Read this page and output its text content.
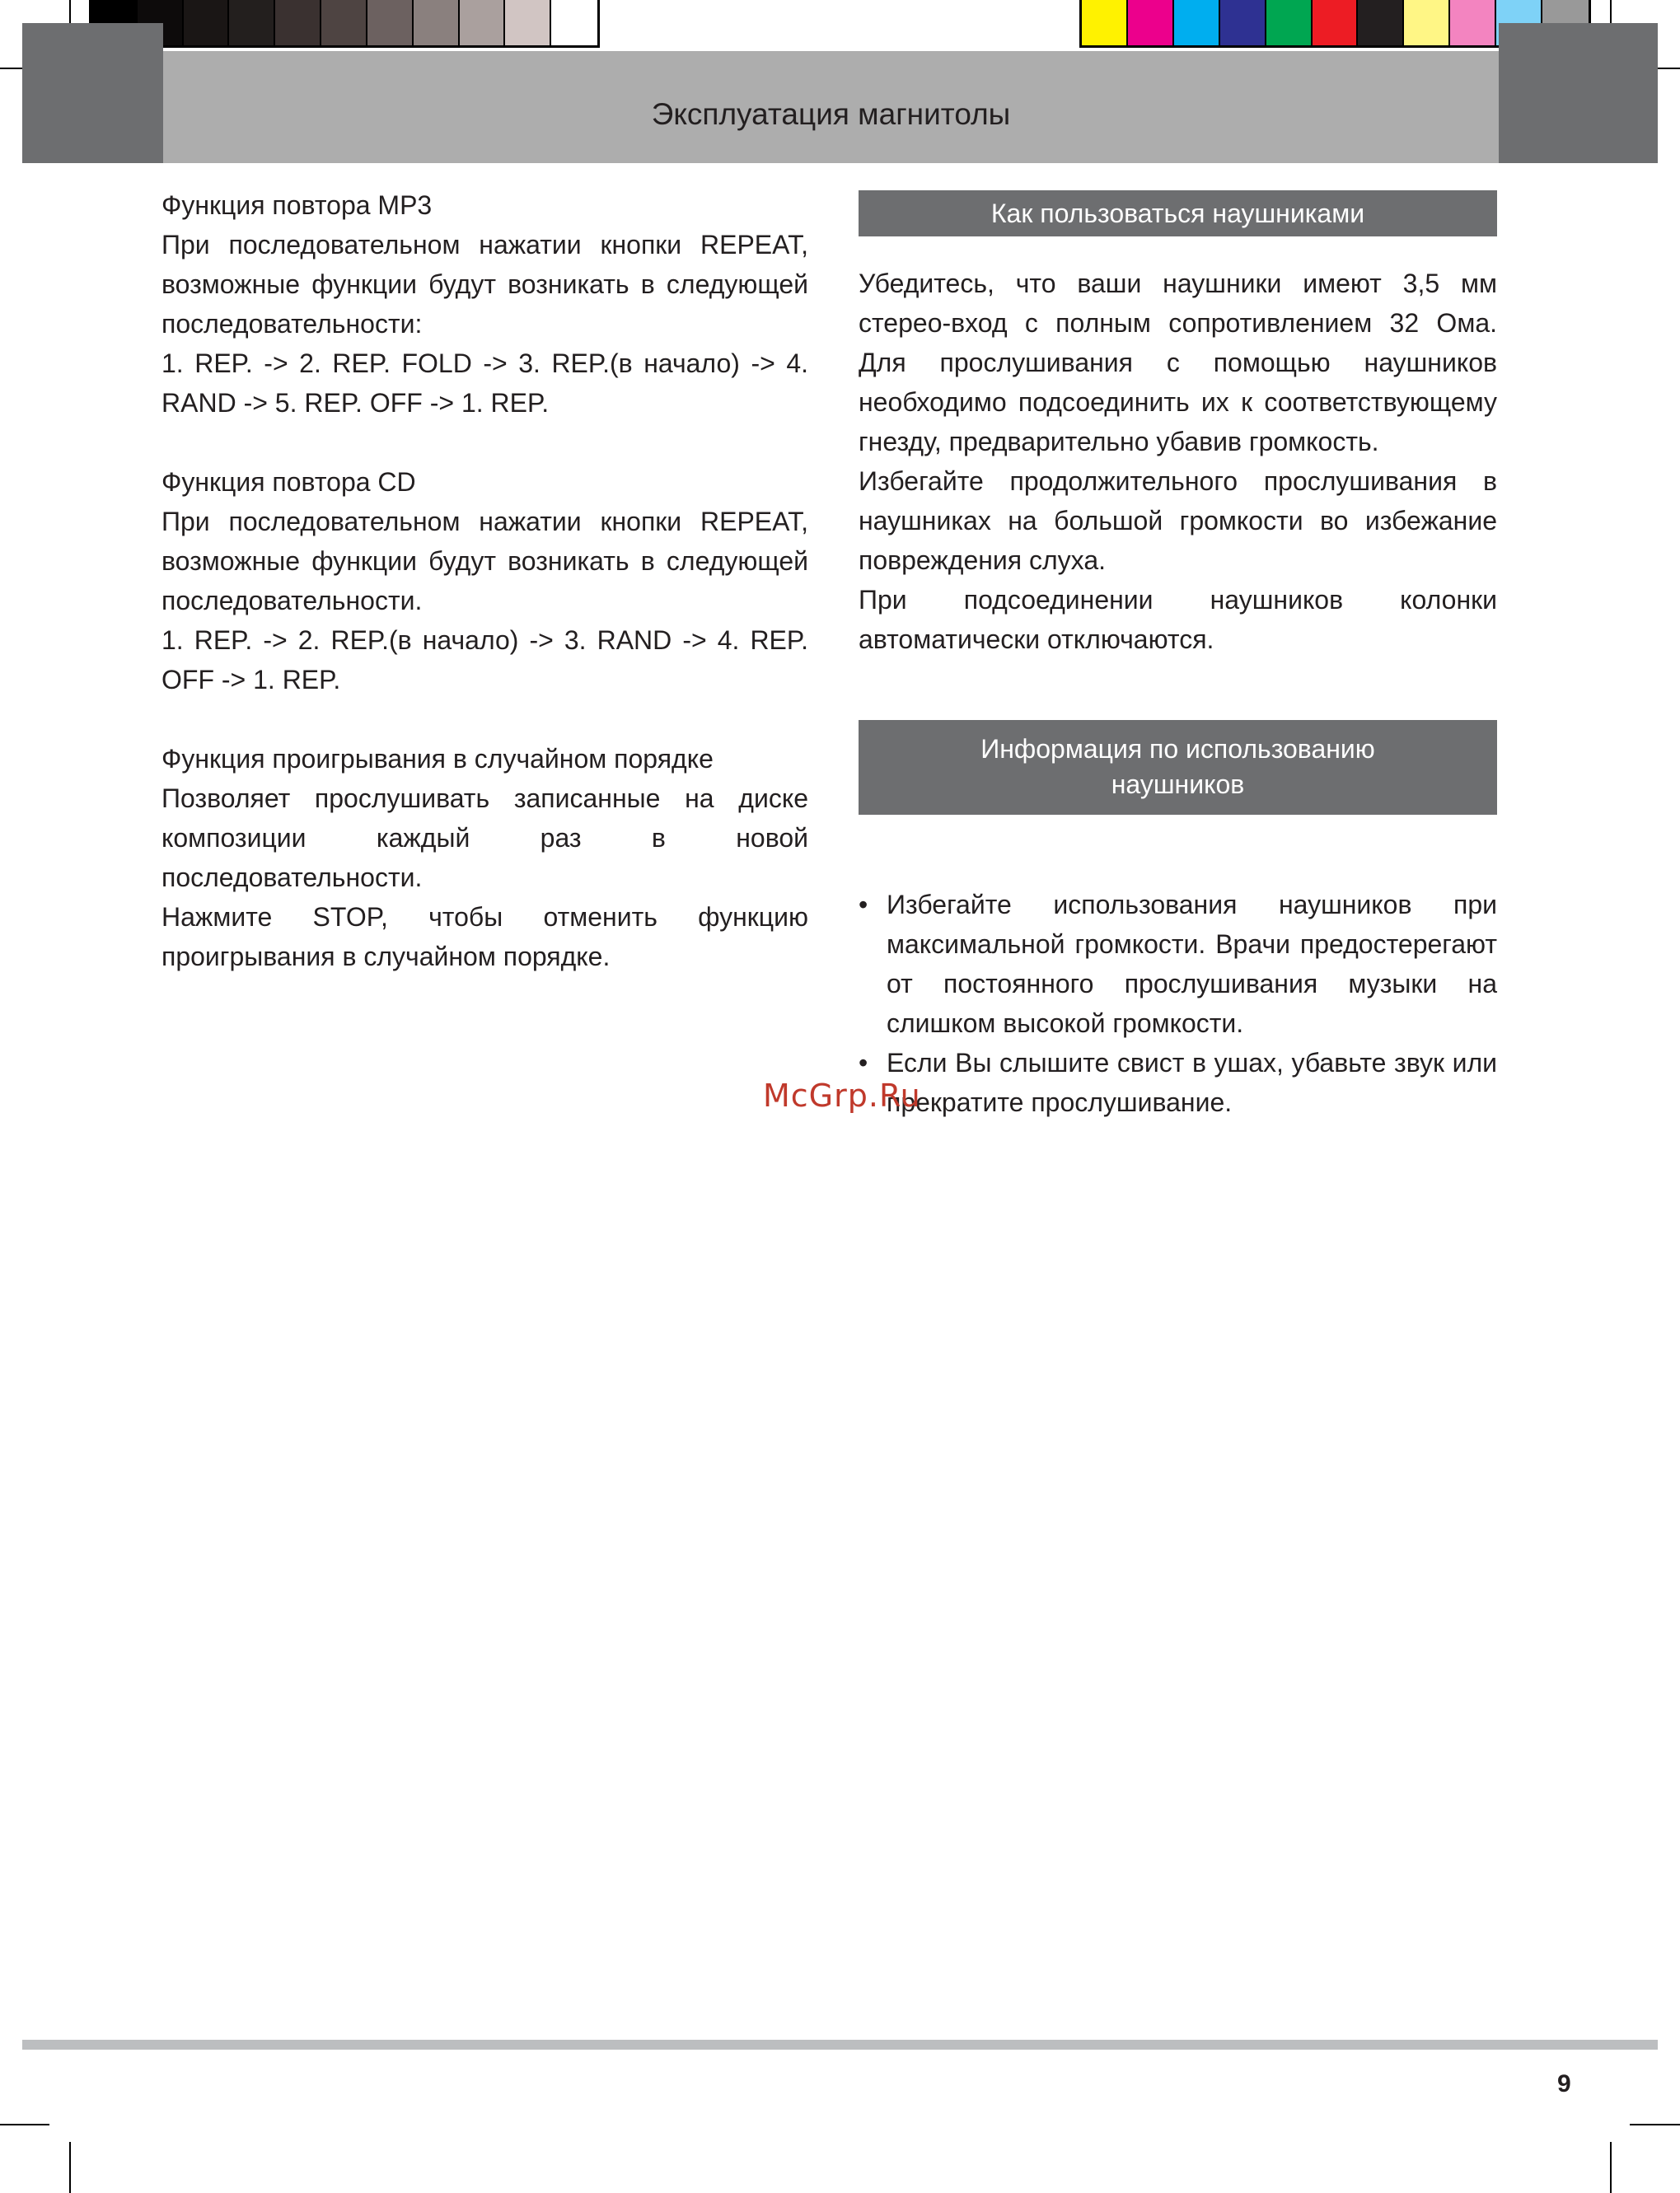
Эксплуатация магнитолы

Функция повтора MP3

При последовательном нажатии кнопки REPEAT, возможные функции будут возникать в следующей последовательности:

1. REP. -> 2. REP. FOLD -> 3. REP.(в начало) -> 4. RAND -> 5. REP. OFF -> 1. REP.

Функция повтора CD

При последовательном нажатии кнопки REPEAT, возможные функции будут возникать в следующей последовательности.

1. REP. -> 2. REP.(в начало) -> 3. RAND -> 4. REP. OFF -> 1. REP.

Функция проигрывания в случайном порядке

Позволяет прослушивать записанные на диске композиции каждый раз в новой последовательности.

Нажмите STOP, чтобы отменить функцию проигрывания в случайном порядке.

Как пользоваться наушниками

Убедитесь, что ваши наушники имеют 3,5 мм стерео-вход с полным сопротивлением 32 Ома. Для прослушивания с помощью наушников необходимо подсоединить их к соответствующему гнезду, предварительно убавив громкость.

Избегайте продолжительного прослушивания в наушниках на большой громкости во избежание повреждения слуха.

При подсоединении наушников колонки автоматически отключаются.

Информация по использованию
наушников
• Избегайте использования наушников при максимальной громкости. Врачи предостерегают от постоянного прослушивания музыки на слишком высокой громкости.
• Если Вы слышите свист в ушах, убавьте звук или прекратите прослушивание.
McGrp.Ru
9
